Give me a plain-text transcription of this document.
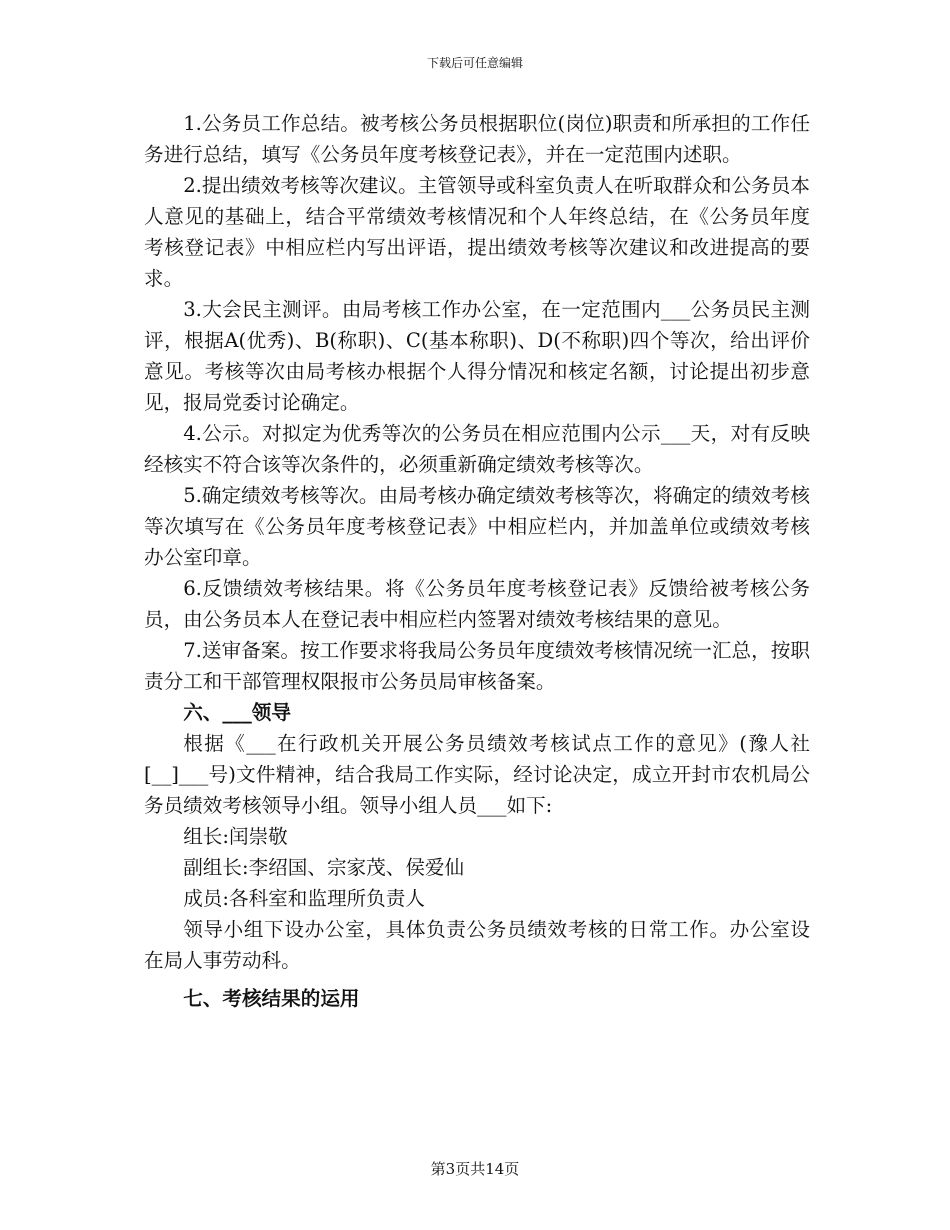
下载后可任意编辑

1.公务员工作总结。被考核公务员根据职位(岗位)职责和所承担的工作任务进行总结，填写《公务员年度考核登记表》，并在一定范围内述职。

2.提出绩效考核等次建议。主管领导或科室负责人在听取群众和公务员本人意见的基础上，结合平常绩效考核情况和个人年终总结，在《公务员年度考核登记表》中相应栏内写出评语，提出绩效考核等次建议和改进提高的要求。

3.大会民主测评。由局考核工作办公室，在一定范围内___公务员民主测评，根据A(优秀)、B(称职)、C(基本称职)、D(不称职)四个等次，给出评价意见。考核等次由局考核办根据个人得分情况和核定名额，讨论提出初步意见，报局党委讨论确定。

4.公示。对拟定为优秀等次的公务员在相应范围内公示___天，对有反映经核实不符合该等次条件的，必须重新确定绩效考核等次。

5.确定绩效考核等次。由局考核办确定绩效考核等次，将确定的绩效考核等次填写在《公务员年度考核登记表》中相应栏内，并加盖单位或绩效考核办公室印章。

6.反馈绩效考核结果。将《公务员年度考核登记表》反馈给被考核公务员，由公务员本人在登记表中相应栏内签署对绩效考核结果的意见。

7.送审备案。按工作要求将我局公务员年度绩效考核情况统一汇总，按职责分工和干部管理权限报市公务员局审核备案。

六、___领导

根据《___在行政机关开展公务员绩效考核试点工作的意见》(豫人社[__]___号)文件精神，结合我局工作实际，经讨论决定，成立开封市农机局公务员绩效考核领导小组。领导小组人员___如下:

组长:闰崇敬

副组长:李绍国、宗家茂、侯爱仙

成员:各科室和监理所负责人

领导小组下设办公室，具体负责公务员绩效考核的日常工作。办公室设在局人事劳动科。

七、考核结果的运用

第3页共14页
